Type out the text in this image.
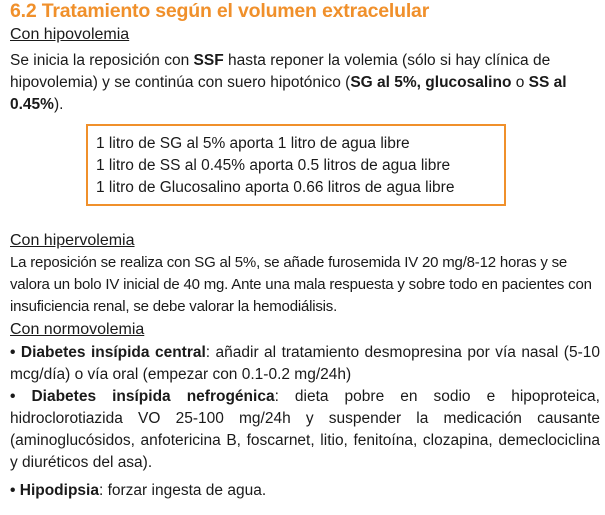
6.2 Tratamiento según el volumen extracelular
Con hipovolemia
Se inicia la reposición con SSF hasta reponer la volemia (sólo si hay clínica de hipovolemia) y se continúa con suero hipotónico (SG al 5%, glucosalino o SS al 0.45%).
1 litro de SG al 5% aporta 1 litro de agua libre
1 litro de SS al 0.45% aporta 0.5 litros de agua libre
1 litro de Glucosalino aporta 0.66 litros de agua libre
Con hipervolemia
La reposición se realiza con SG al 5%, se añade furosemida IV 20 mg/8-12 horas y se valora un bolo IV inicial de 40 mg. Ante una mala respuesta y sobre todo en pacientes con insuficiencia renal, se debe valorar la hemodiálisis.
Con normovolemia
• Diabetes insípida central: añadir al tratamiento desmopresina por vía nasal (5-10 mcg/día) o vía oral (empezar con 0.1-0.2 mg/24h)
• Diabetes insípida nefrogénica: dieta pobre en sodio e hipoproteica, hidroclorotiazida VO 25-100 mg/24h y suspender la medicación causante (aminoglucósidos, anfotericina B, foscarnet, litio, fenitoína, clozapina, demeclociclina y diuréticos del asa).
• Hipodipsia: forzar ingesta de agua.
